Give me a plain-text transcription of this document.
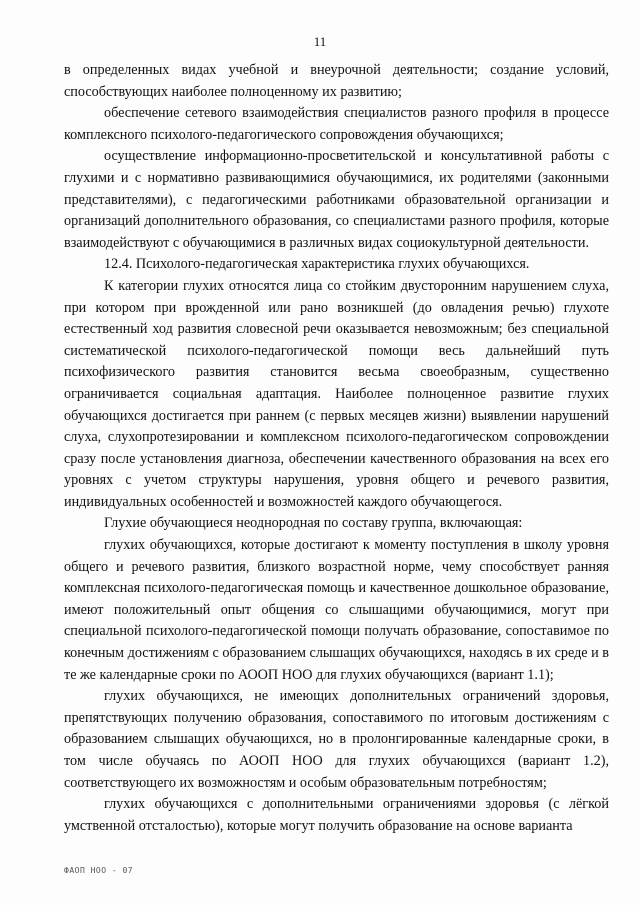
11

в определенных видах учебной и внеурочной деятельности; создание условий, способствующих наиболее полноценному их развитию;

обеспечение сетевого взаимодействия специалистов разного профиля в процессе комплексного психолого-педагогического сопровождения обучающихся;

осуществление информационно-просветительской и консультативной работы с глухими и с нормативно развивающимися обучающимися, их родителями (законными представителями), с педагогическими работниками образовательной организации и организаций дополнительного образования, со специалистами разного профиля, которые взаимодействуют с обучающимися в различных видах социокультурной деятельности.

12.4. Психолого-педагогическая характеристика глухих обучающихся.

К категории глухих относятся лица со стойким двусторонним нарушением слуха, при котором при врожденной или рано возникшей (до овладения речью) глухоте естественный ход развития словесной речи оказывается невозможным; без специальной систематической психолого-педагогической помощи весь дальнейший путь психофизического развития становится весьма своеобразным, существенно ограничивается социальная адаптация. Наиболее полноценное развитие глухих обучающихся достигается при раннем (с первых месяцев жизни) выявлении нарушений слуха, слухопротезировании и комплексном психолого-педагогическом сопровождении сразу после установления диагноза, обеспечении качественного образования на всех его уровнях с учетом структуры нарушения, уровня общего и речевого развития, индивидуальных особенностей и возможностей каждого обучающегося.

Глухие обучающиеся неоднородная по составу группа, включающая:

глухих обучающихся, которые достигают к моменту поступления в школу уровня общего и речевого развития, близкого возрастной норме, чему способствует ранняя комплексная психолого-педагогическая помощь и качественное дошкольное образование, имеют положительный опыт общения со слышащими обучающимися, могут при специальной психолого-педагогической помощи получать образование, сопоставимое по конечным достижениям с образованием слышащих обучающихся, находясь в их среде и в те же календарные сроки по АООП НОО для глухих обучающихся (вариант 1.1);

глухих обучающихся, не имеющих дополнительных ограничений здоровья, препятствующих получению образования, сопоставимого по итоговым достижениям с образованием слышащих обучающихся, но в пролонгированные календарные сроки, в том числе обучаясь по АООП НОО для глухих обучающихся (вариант 1.2), соответствующего их возможностям и особым образовательным потребностям;

глухих обучающихся с дополнительными ограничениями здоровья (с лёгкой умственной отсталостью), которые могут получить образование на основе варианта

ФАОП НОО - 07
